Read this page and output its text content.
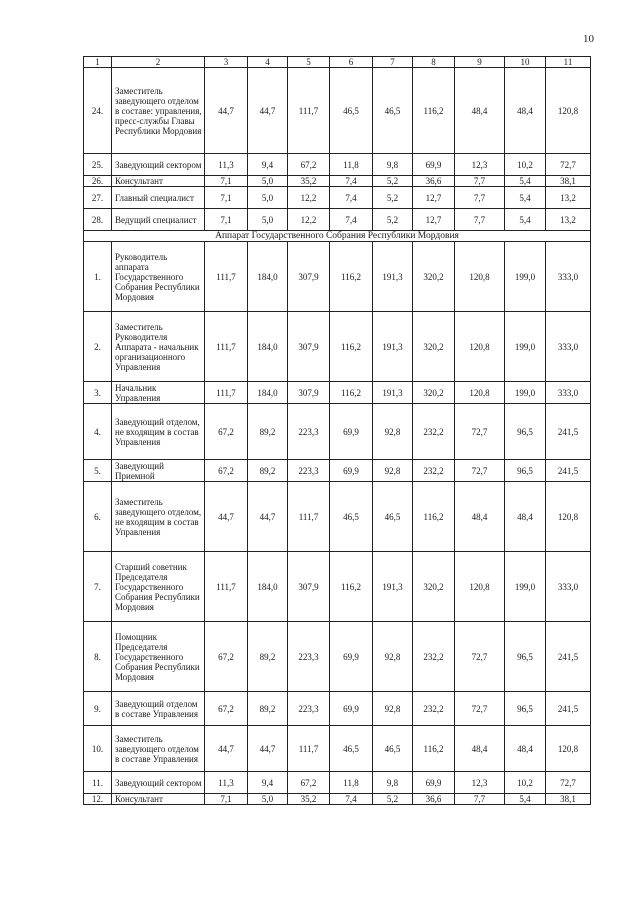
10
1	2	3	4	5	6	7	8	9	10	11
24.	Заместитель заведующего отделом в составе: управления, пресс-службы Главы Республики Мордовия	44,7	44,7	111,7	46,5	46,5	116,2	48,4	48,4	120,8
25.	Заведующий сектором	11,3	9,4	67,2	11,8	9,8	69,9	12,3	10,2	72,7
26.	Консультант	7,1	5,0	35,2	7,4	5,2	36,6	7,7	5,4	38,1
27.	Главный специалист	7,1	5,0	12,2	7,4	5,2	12,7	7,7	5,4	13,2
28.	Ведущий специалист	7,1	5,0	12,2	7,4	5,2	12,7	7,7	5,4	13,2
Аппарат Государственного Собрания Республики Мордовия										
1.	Руководитель аппарата Государственного Собрания Республики Мордовия	111,7	184,0	307,9	116,2	191,3	320,2	120,8	199,0	333,0
2.	Заместитель Руководителя Аппарата - начальник организационного Управления	111,7	184,0	307,9	116,2	191,3	320,2	120,8	199,0	333,0
3.	Начальник Управления	111,7	184,0	307,9	116,2	191,3	320,2	120,8	199,0	333,0
4.	Заведующий отделом, не входящим в состав Управления	67,2	89,2	223,3	69,9	92,8	232,2	72,7	96,5	241,5
5.	Заведующий Приемной	67,2	89,2	223,3	69,9	92,8	232,2	72,7	96,5	241,5
6.	Заместитель заведующего отделом, не входящим в состав Управления	44,7	44,7	111,7	46,5	46,5	116,2	48,4	48,4	120,8
7.	Старший советник Председателя Государственного Собрания Республики Мордовия	111,7	184,0	307,9	116,2	191,3	320,2	120,8	199,0	333,0
8.	Помощник Председателя Государственного Собрания Республики Мордовия	67,2	89,2	223,3	69,9	92,8	232,2	72,7	96,5	241,5
9.	Заведующий отделом в составе Управления	67,2	89,2	223,3	69,9	92,8	232,2	72,7	96,5	241,5
10.	Заместитель заведующего отделом в составе Управления	44,7	44,7	111,7	46,5	46,5	116,2	48,4	48,4	120,8
11.	Заведующий сектором	11,3	9,4	67,2	11,8	9,8	69,9	12,3	10,2	72,7
12.	Консультант	7,1	5,0	35,2	7,4	5,2	36,6	7,7	5,4	38,1
